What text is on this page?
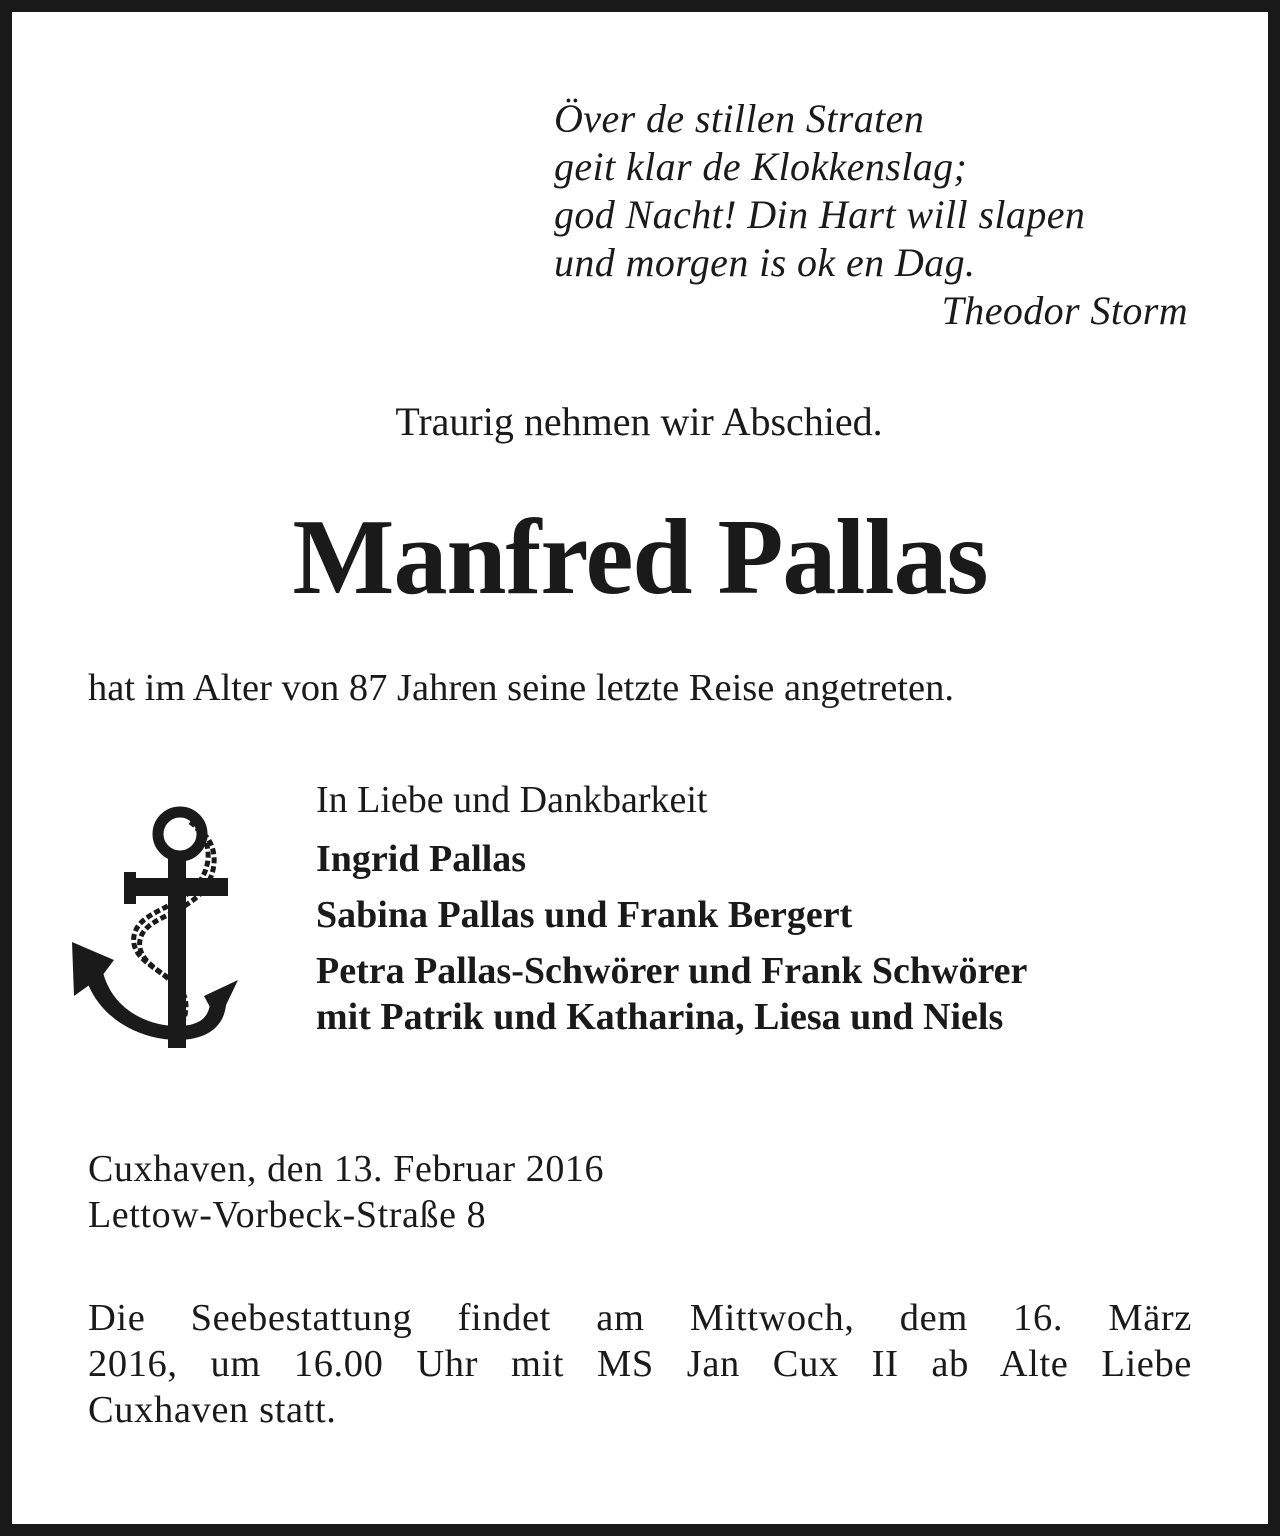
Över de stillen Straten
geit klar de Klokkenslag;
god Nacht! Din Hart will slapen
und morgen is ok en Dag.
Theodor Storm
Traurig nehmen wir Abschied.
Manfred Pallas
hat im Alter von 87 Jahren seine letzte Reise angetreten.
In Liebe und Dankbarkeit
Ingrid Pallas
Sabina Pallas und Frank Bergert
Petra Pallas-Schwörer und Frank Schwörer
mit Patrik und Katharina, Liesa und Niels
Cuxhaven, den 13. Februar 2016
Lettow-Vorbeck-Straße 8
Die Seebestattung findet am Mittwoch, dem 16. März
2016, um 16.00 Uhr mit MS Jan Cux II ab Alte Liebe
Cuxhaven statt.
